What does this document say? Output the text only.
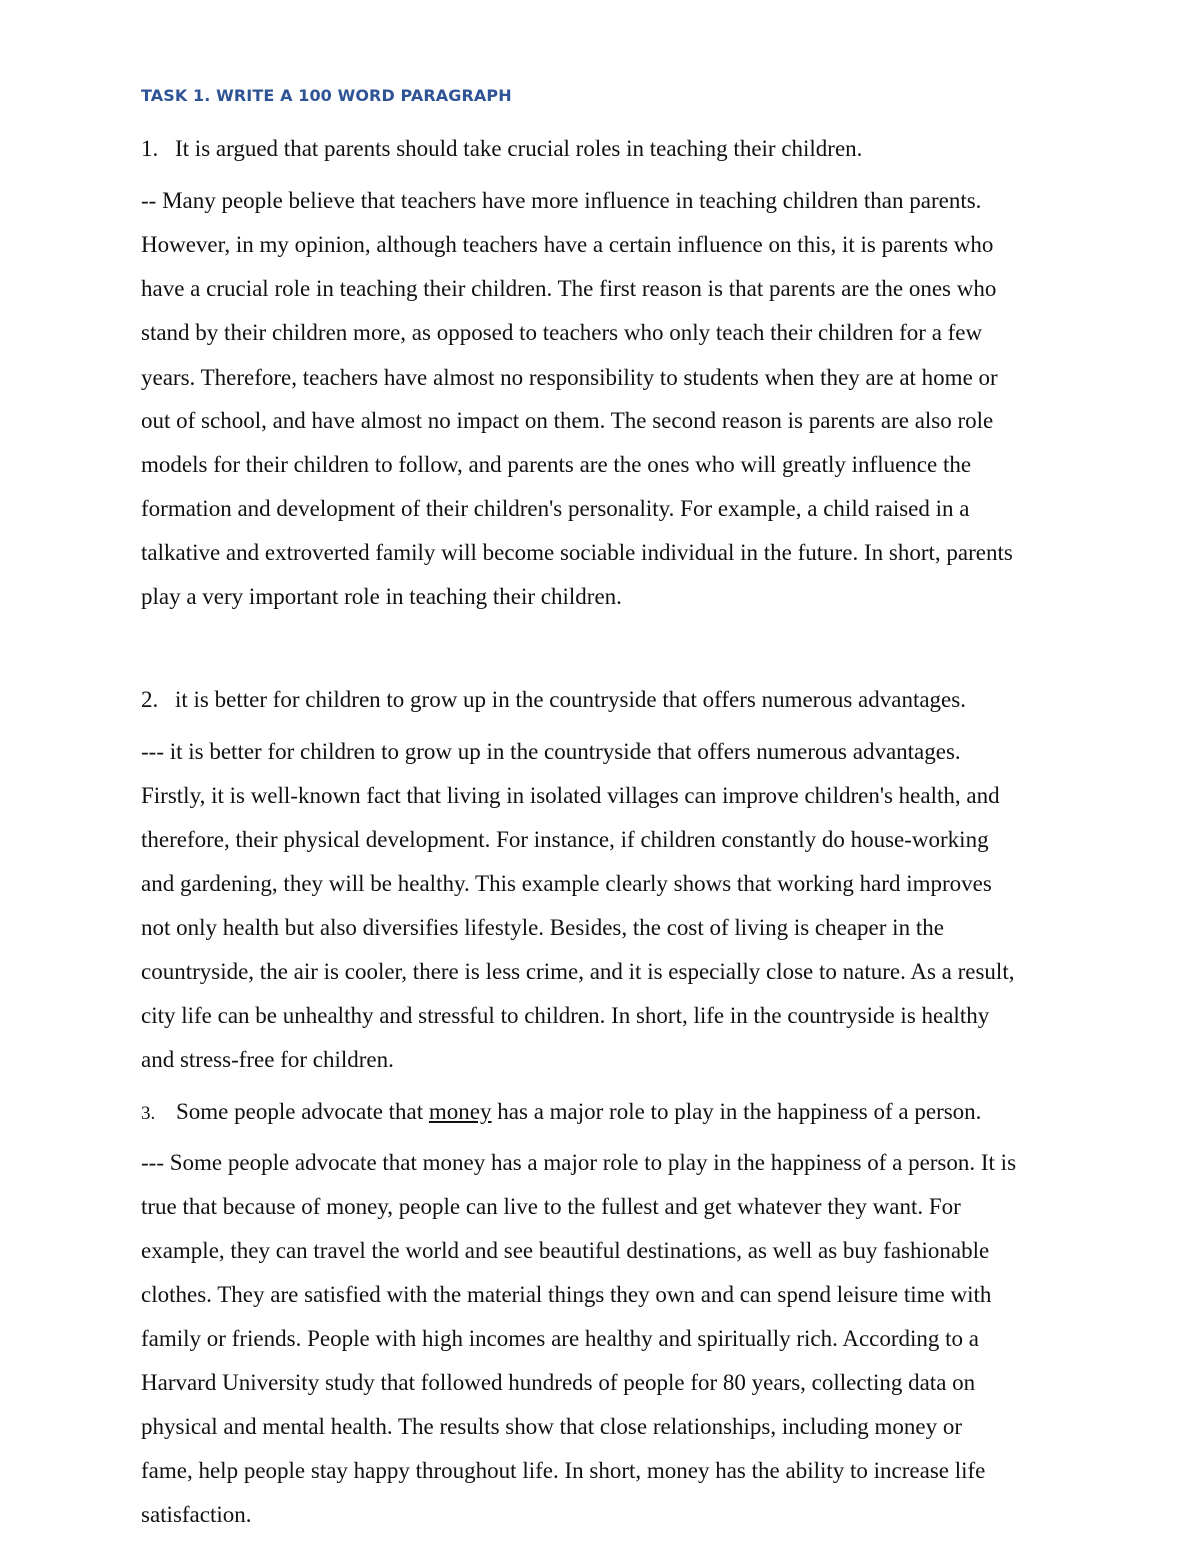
TASK 1. WRITE A 100 WORD PARAGRAPH
1. It is argued that parents should take crucial roles in teaching their children.
-- Many people believe that teachers have more influence in teaching children than parents.
However, in my opinion, although teachers have a certain influence on this, it is parents who
have a crucial role in teaching their children. The first reason is that parents are the ones who
stand by their children more, as opposed to teachers who only teach their children for a few
years. Therefore, teachers have almost no responsibility to students when they are at home or
out of school, and have almost no impact on them. The second reason is parents are also role
models for their children to follow, and parents are the ones who will greatly influence the
formation and development of their children's personality. For example, a child raised in a
talkative and extroverted family will become sociable individual in the future. In short, parents
play a very important role in teaching their children.
2. it is better for children to grow up in the countryside that offers numerous advantages.
--- it is better for children to grow up in the countryside that offers numerous advantages.
Firstly, it is well-known fact that living in isolated villages can improve children's health, and
therefore, their physical development. For instance, if children constantly do house-working
and gardening, they will be healthy. This example clearly shows that working hard improves
not only health but also diversifies lifestyle. Besides, the cost of living is cheaper in the
countryside, the air is cooler, there is less crime, and it is especially close to nature. As a result,
city life can be unhealthy and stressful to children. In short, life in the countryside is healthy
and stress-free for children.
3. Some people advocate that money has a major role to play in the happiness of a person.
--- Some people advocate that money has a major role to play in the happiness of a person. It is
true that because of money, people can live to the fullest and get whatever they want. For
example, they can travel the world and see beautiful destinations, as well as buy fashionable
clothes. They are satisfied with the material things they own and can spend leisure time with
family or friends. People with high incomes are healthy and spiritually rich. According to a
Harvard University study that followed hundreds of people for 80 years, collecting data on
physical and mental health. The results show that close relationships, including money or
fame, help people stay happy throughout life. In short, money has the ability to increase life
satisfaction.
